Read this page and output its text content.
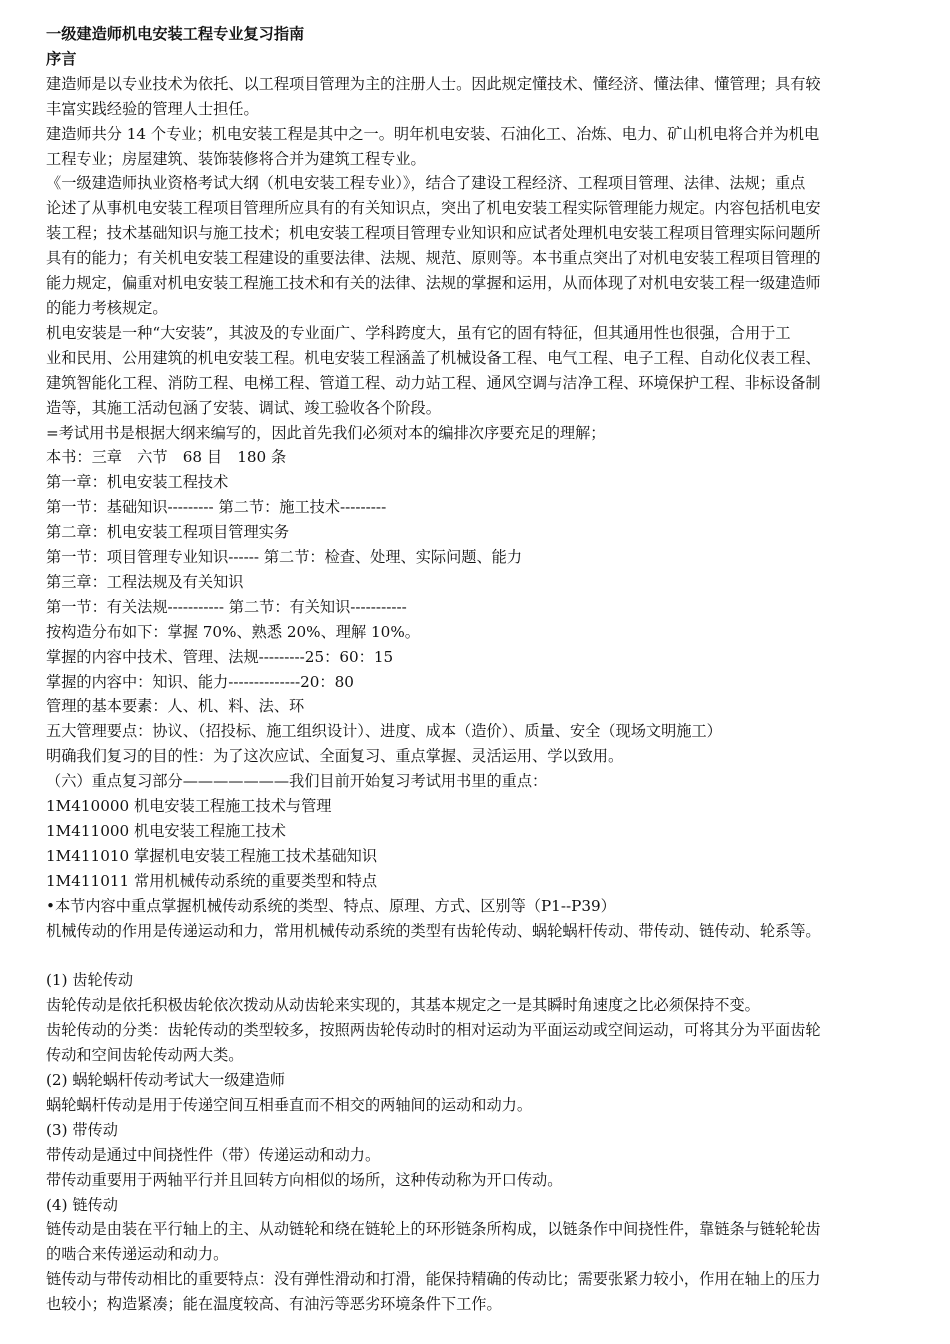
一级建造师机电安装工程专业复习指南
序言
建造师是以专业技术为依托、以工程项目管理为主的注册人士。因此规定懂技术、懂经济、懂法律、懂管理；具有较
丰富实践经验的管理人士担任。
建造师共分 14 个专业；机电安装工程是其中之一。明年机电安装、石油化工、冶炼、电力、矿山机电将合并为机电
工程专业；房屋建筑、装饰装修将合并为建筑工程专业。
《一级建造师执业资格考试大纲（机电安装工程专业）》，结合了建设工程经济、工程项目管理、法律、法规；重点
论述了从事机电安装工程项目管理所应具有的有关知识点，突出了机电安装工程实际管理能力规定。内容包括机电安
装工程；技术基础知识与施工技术；机电安装工程项目管理专业知识和应试者处理机电安装工程项目管理实际问题所
具有的能力；有关机电安装工程建设的重要法律、法规、规范、原则等。本书重点突出了对机电安装工程项目管理的
能力规定，偏重对机电安装工程施工技术和有关的法律、法规的掌握和运用，从而体现了对机电安装工程一级建造师
的能力考核规定。
机电安装是一种“大安装”，其波及的专业面广、学科跨度大，虽有它的固有特征，但其通用性也很强，合用于工
业和民用、公用建筑的机电安装工程。机电安装工程涵盖了机械设备工程、电气工程、电子工程、自动化仪表工程、
建筑智能化工程、消防工程、电梯工程、管道工程、动力站工程、通风空调与洁净工程、环境保护工程、非标设备制
造等，其施工活动包涵了安装、调试、竣工验收各个阶段。
=考试用书是根据大纲来编写的，因此首先我们必须对本的编排次序要充足的理解；
本书：三章　六节　68 目　180 条
第一章：机电安装工程技术
第一节：基础知识--------- 第二节：施工技术---------
第二章：机电安装工程项目管理实务
第一节：项目管理专业知识------ 第二节：检查、处理、实际问题、能力
第三章：工程法规及有关知识
第一节：有关法规----------- 第二节：有关知识-----------
按构造分布如下：掌握 70%、熟悉 20%、理解 10%。
掌握的内容中技术、管理、法规---------25：60：15
掌握的内容中：知识、能力--------------20：80
管理的基本要素：人、机、料、法、环
五大管理要点：协议、（招投标、施工组织设计）、进度、成本（造价）、质量、安全（现场文明施工）
明确我们复习的目的性：为了这次应试、全面复习、重点掌握、灵活运用、学以致用。
（六）重点复习部分———————我们目前开始复习考试用书里的重点：
1M410000 机电安装工程施工技术与管理
1M411000 机电安装工程施工技术
1M411010 掌握机电安装工程施工技术基础知识
1M411011 常用机械传动系统的重要类型和特点
•本节内容中重点掌握机械传动系统的类型、特点、原理、方式、区别等（P1--P39）
机械传动的作用是传递运动和力，常用机械传动系统的类型有齿轮传动、蜗轮蜗杆传动、带传动、链传动、轮系等。
(1) 齿轮传动
齿轮传动是依托积极齿轮依次拨动从动齿轮来实现的，其基本规定之一是其瞬时角速度之比必须保持不变。
齿轮传动的分类：齿轮传动的类型较多，按照两齿轮传动时的相对运动为平面运动或空间运动，可将其分为平面齿轮
传动和空间齿轮传动两大类。
(2) 蜗轮蜗杆传动考试大一级建造师
蜗轮蜗杆传动是用于传递空间互相垂直而不相交的两轴间的运动和动力。
(3) 带传动
带传动是通过中间挠性件（带）传递运动和动力。
带传动重要用于两轴平行并且回转方向相似的场所，这种传动称为开口传动。
(4) 链传动
链传动是由装在平行轴上的主、从动链轮和绕在链轮上的环形链条所构成，以链条作中间挠性件，靠链条与链轮轮齿
的啮合来传递运动和动力。
链传动与带传动相比的重要特点：没有弹性滑动和打滑，能保持精确的传动比；需要张紧力较小，作用在轴上的压力
也较小；构造紧凑；能在温度较高、有油污等恶劣环境条件下工作。
